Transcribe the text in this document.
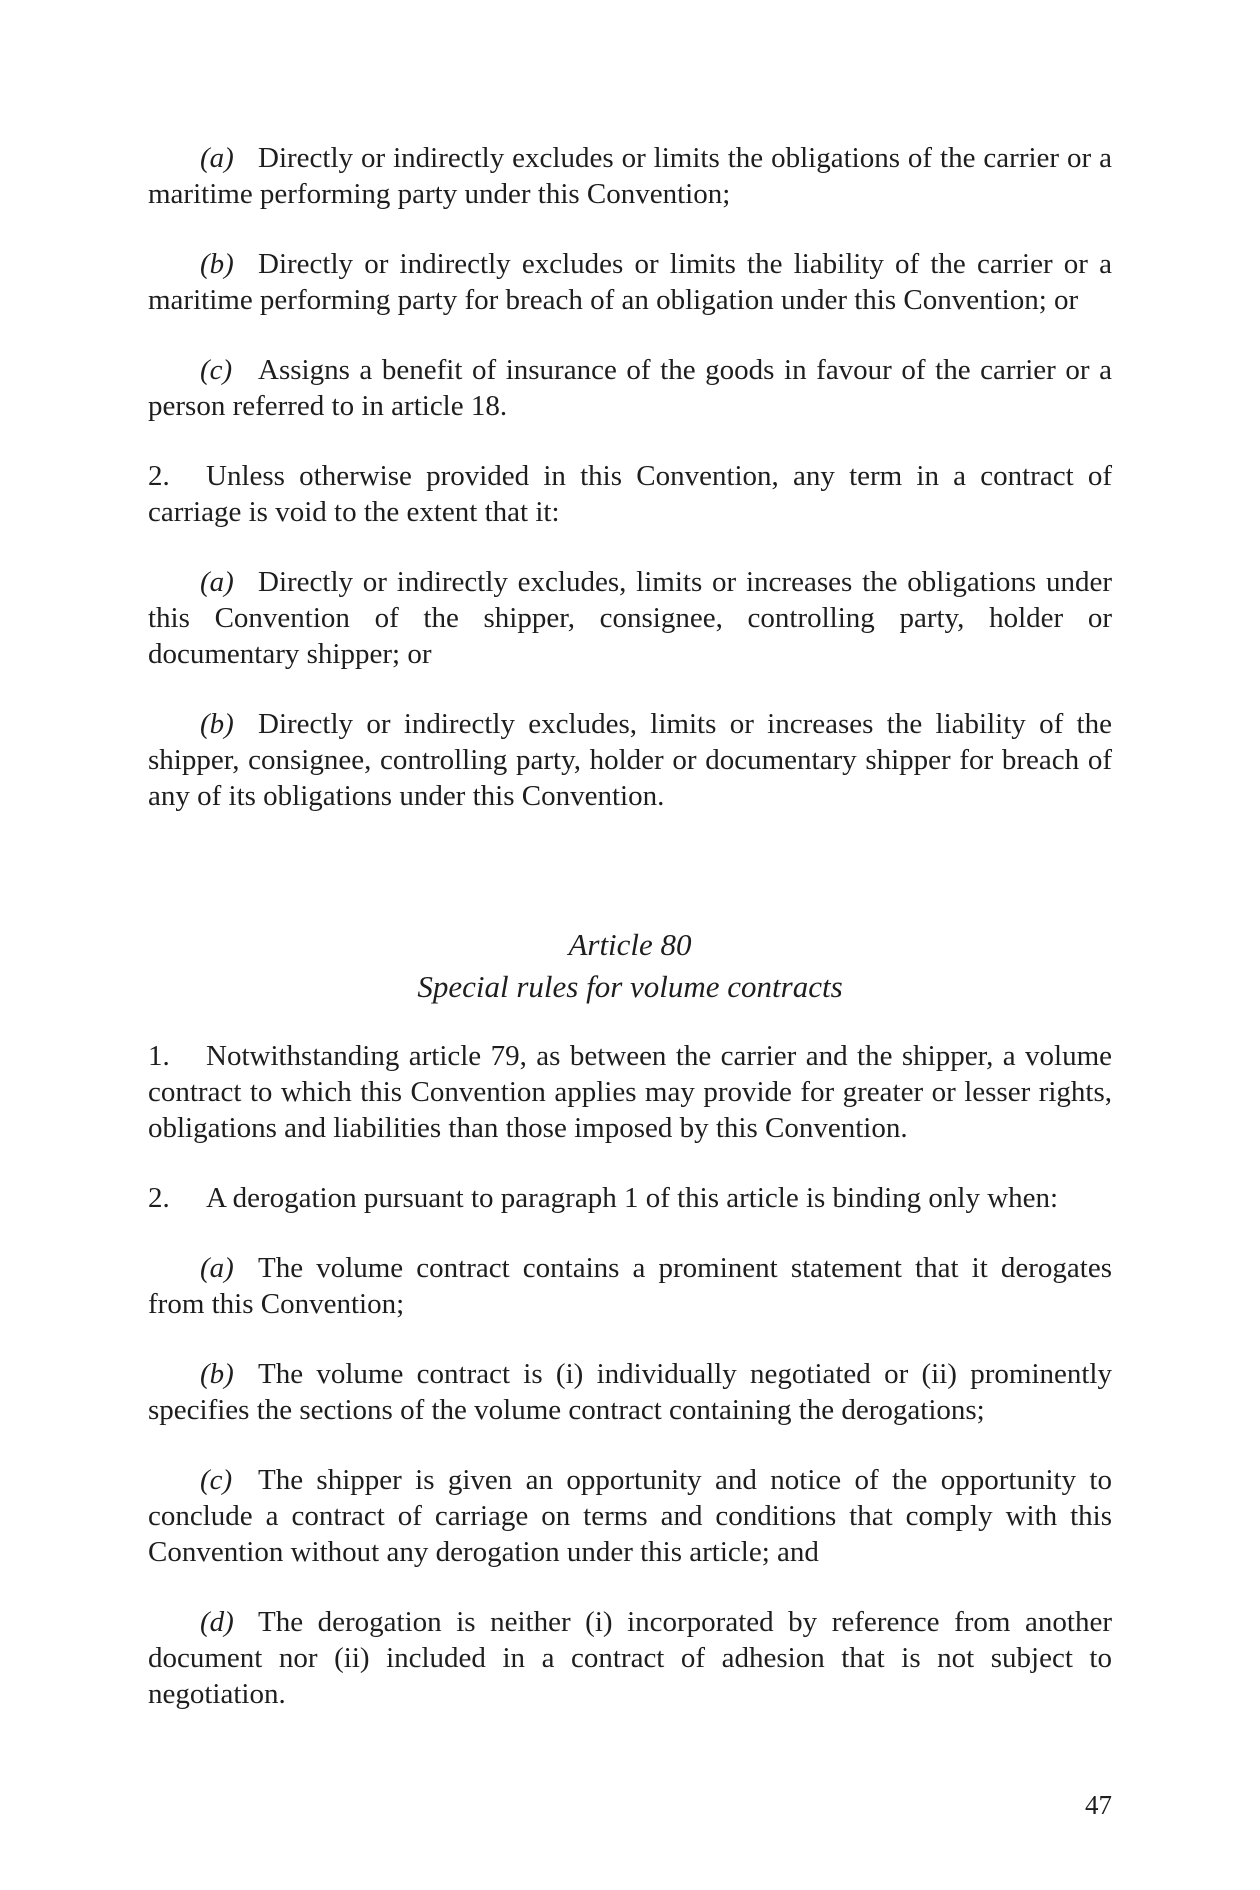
(a) Directly or indirectly excludes or limits the obligations of the carrier or a maritime performing party under this Convention;

(b) Directly or indirectly excludes or limits the liability of the carrier or a maritime performing party for breach of an obligation under this Convention; or

(c) Assigns a benefit of insurance of the goods in favour of the carrier or a person referred to in article 18.

2. Unless otherwise provided in this Convention, any term in a contract of carriage is void to the extent that it:

(a) Directly or indirectly excludes, limits or increases the obligations under this Convention of the shipper, consignee, controlling party, holder or documentary shipper; or

(b) Directly or indirectly excludes, limits or increases the liability of the shipper, consignee, controlling party, holder or documentary shipper for breach of any of its obligations under this Convention.

Article 80
Special rules for volume contracts

1. Notwithstanding article 79, as between the carrier and the shipper, a volume contract to which this Convention applies may provide for greater or lesser rights, obligations and liabilities than those imposed by this Convention.

2. A derogation pursuant to paragraph 1 of this article is binding only when:

(a) The volume contract contains a prominent statement that it derogates from this Convention;

(b) The volume contract is (i) individually negotiated or (ii) prominently specifies the sections of the volume contract containing the derogations;

(c) The shipper is given an opportunity and notice of the opportunity to conclude a contract of carriage on terms and conditions that comply with this Convention without any derogation under this article; and

(d) The derogation is neither (i) incorporated by reference from another document nor (ii) included in a contract of adhesion that is not subject to negotiation.

47
